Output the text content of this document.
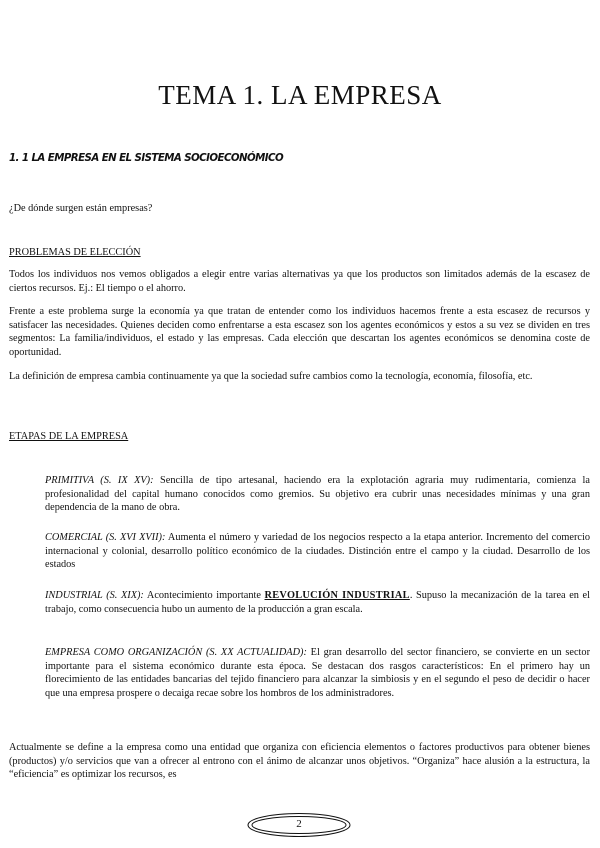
TEMA 1. LA EMPRESA
1. 1 LA EMPRESA EN EL SISTEMA SOCIOECONÓMICO

¿De dónde surgen están empresas?

PROBLEMAS DE ELECCIÓN

Todos los individuos nos vemos obligados a elegir entre varias alternativas ya que los productos son limitados además de la escasez de ciertos recursos. Ej.: El tiempo o el ahorro.

Frente a este problema surge la economía ya que tratan de entender como los individuos hacemos frente a esta escasez de recursos y satisfacer las necesidades. Quienes deciden como enfrentarse a esta escasez son los agentes económicos y estos a su vez se dividen en tres segmentos: La familia/individuos, el estado y las empresas. Cada elección que descartan los agentes económicos se denomina coste de oportunidad.

La definición de empresa cambia continuamente ya que la sociedad sufre cambios como la tecnología, economía, filosofía, etc.

ETAPAS DE LA EMPRESA

PRIMITIVA (S. IX XV): Sencilla de tipo artesanal, haciendo era la explotación agraria muy rudimentaria, comienza la profesionalidad del capital humano conocidos como gremios. Su objetivo era cubrir unas necesidades mínimas y una gran dependencia de la mano de obra.

COMERCIAL (S. XVI XVII): Aumenta el número y variedad de los negocios respecto a la etapa anterior. Incremento del comercio internacional y colonial, desarrollo político económico de la ciudades. Distinción entre el campo y la ciudad. Desarrollo de los estados

INDUSTRIAL (S. XIX): Acontecimiento importante REVOLUCIÓN INDUSTRIAL. Supuso la mecanización de la tarea en el trabajo, como consecuencia hubo un aumento de la producción a gran escala.

EMPRESA COMO ORGANIZACIÓN (S. XX ACTUALIDAD): El gran desarrollo del sector financiero, se convierte en un sector importante para el sistema económico durante esta época. Se destacan dos rasgos característicos: En el primero hay un florecimiento de las entidades bancarias del tejido financiero para alcanzar la simbiosis y en el segundo el peso de decidir o hacer que una empresa prospere o decaiga recae sobre los hombros de los administradores.

Actualmente se define a la empresa como una entidad que organiza con eficiencia elementos o factores productivos para obtener bienes (productos) y/o servicios que van a ofrecer al entrono con el ánimo de alcanzar unos objetivos. “Organiza” hace alusión a la estructura, la “eficiencia” es optimizar los recursos, es

2
